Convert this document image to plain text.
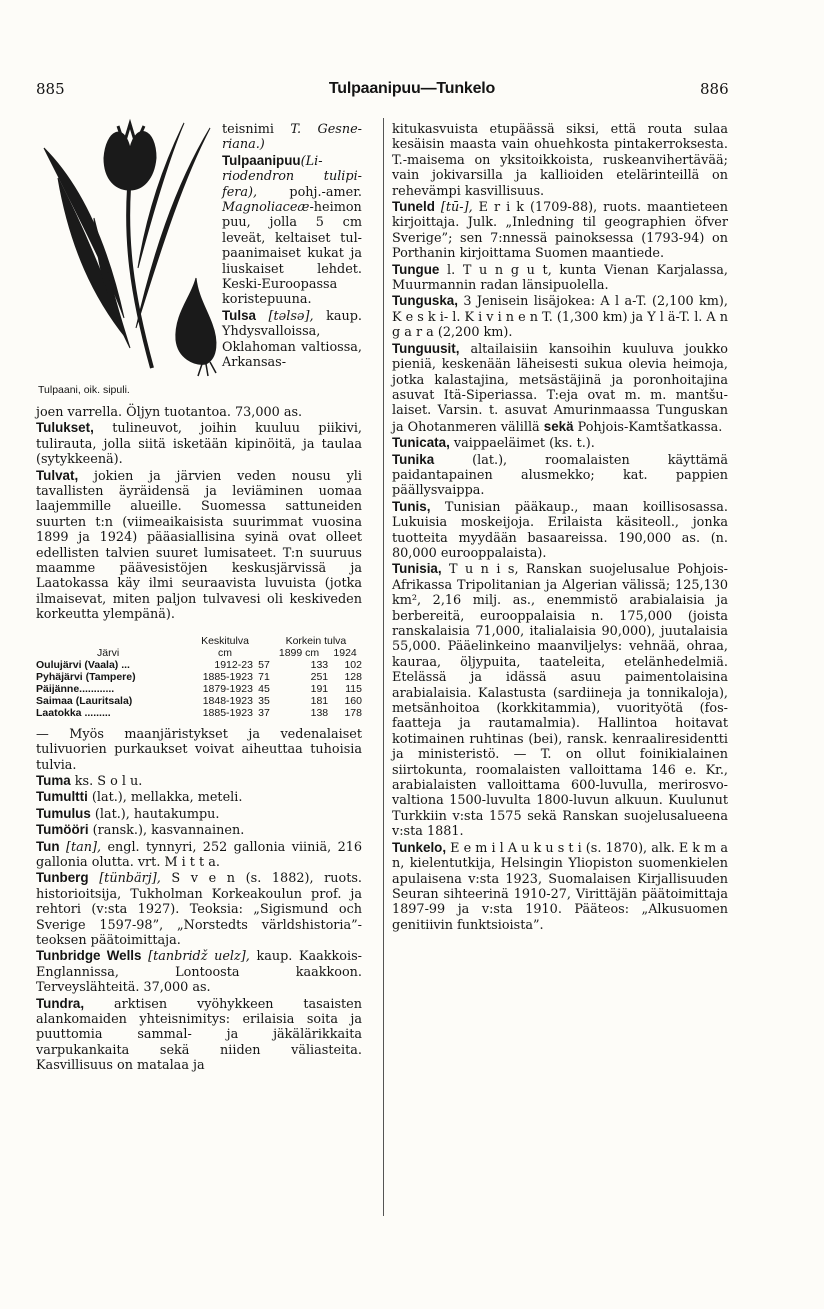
885	Tulpaanipuu—Tunkelo	886
Tulpaani, oik. sipuli.

teisnimi T. Gesneriana.)

Tulpaanipuu(Liriodendron tulipifera), pohj.-amer. Magnoliaceæ-heimon puu, jolla 5 cm leveät, keltaiset tulpaanimaiset kukat ja liuskaiset lehdet. Keski-Euroopassa koristepuuna.

Tulsa [təlsə], kaup. Yhdysvalloissa, Oklahoman valtiossa, Arkansas-

joen varrella. Öljyn tuotantoa. 73,000 as.

Tulukset, tulineuvot, joihin kuuluu piikivi, tulirauta, jolla siitä isketään kipinöitä, ja taulaa (sytykkeenä).

Tulvat, jokien ja järvien veden nousu yli tavallisten äyräidensä ja leviäminen uomaa laajemmille alueille. Suomessa sattuneiden suurten t:n (viimeaikaisista suurimmat vuosina 1899 ja 1924) pääasiallisina syinä ovat olleet edellisten talvien suuret lumisateet. T:n suuruus maamme päävesistöjen keskusjärvissä ja Laatokassa käy ilmi seuraavista luvuista (jotka ilmaisevat, miten paljon tulvavesi oli keskiveden korkeutta ylempänä).

Järvi	Keskitulva		Korkein tulva	
	cm		1899 cm	1924
Oulujärvi (Vaala) ...	1912-23	57	133	102
Pyhäjärvi (Tampere)	1885-1923	71	251	128
Päijänne............	1879-1923	45	191	115
Saimaa (Lauritsala)	1848-1923	35	181	160
Laatokka .........	1885-1923	37	138	178

— Myös maanjäristykset ja vedenalaiset tulivuorien purkaukset voivat aiheuttaa tuhoisia tulvia.

Tuma ks. S o l u.

Tumultti (lat.), mellakka, meteli.

Tumulus (lat.), hautakumpu.

Tumööri (ransk.), kasvannainen.

Tun [tan], engl. tynnyri, 252 gallonia viiniä, 216 gallonia olutta. vrt. M i t t a.

Tunberg [tünbärj], S v e n (s. 1882), ruots. historioitsija, Tukholman Korkeakoulun prof. ja rehtori (v:sta 1927). Teoksia: „Sigismund och Sverige 1597-98”, „Norstedts världshistoria”-teoksen päätoimittaja.

Tunbridge Wells [tanbridž uelz], kaup. Kaakkois-Englannissa, Lontoosta kaakkoon. Terveyslähteitä. 37,000 as.

Tundra, arktisen vyöhykkeen tasaisten alankomaiden yhteisnimitys: erilaisia soita ja puuttomia sammal- ja jäkälärikkaita varpukankaita sekä niiden väliasteita. Kasvillisuus on matalaa ja

kitukasvuista etupäässä siksi, että routa sulaa kesäisin maasta vain ohuehkosta pintakerroksesta. T.-maisema on yksitoikkoista, ruskeanvihertävää; vain jokivarsilla ja kallioiden etelärinteillä on rehevämpi kasvillisuus.

Tuneld [tū-], E r i k (1709-88), ruots. maantieteen kirjoittaja. Julk. „Inledning til geographien öfver Sverige”; sen 7:nnessä painoksessa (1793-94) on Porthanin kirjoittama Suomen maantiede.

Tungue l. T u n g u t, kunta Vienan Karjalassa, Muurmannin radan länsipuolella.

Tunguska, 3 Jenisein lisäjokea: A l a-T. (2,100 km), K e s k i- l. K i v i n e n T. (1,300 km) ja Y l ä-T. l. A n g a r a (2,200 km).

Tunguusit, altailaisiin kansoihin kuuluva joukko pieniä, keskenään läheisesti sukua olevia heimoja, jotka kalastajina, metsästäjinä ja poronhoitajina asuvat Itä-Siperiassa. T:eja ovat m. m. mantšulaiset. Varsin. t. asuvat Amurinmaassa Tunguskan ja Ohotanmeren välillä sekä Pohjois-Kamtšatkassa.

Tunicata, vaippaeläimet (ks. t.).

Tunika (lat.), roomalaisten käyttämä paidantapainen alusmekko; kat. pappien päällysvaippa.

Tunis, Tunisian pääkaup., maan koillisosassa. Lukuisia moskeijoja. Erilaista käsiteoll., jonka tuotteita myydään basaareissa. 190,000 as. (n. 80,000 eurooppalaista).

Tunisia, T u n i s, Ranskan suojelusalue Pohjois-Afrikassa Tripolitanian ja Algerian välissä; 125,130 km², 2,16 milj. as., enemmistö arabialaisia ja berbereitä, eurooppalaisia n. 175,000 (joista ranskalaisia 71,000, italialaisia 90,000), juutalaisia 55,000. Pääelinkeino maanviljelys: vehnää, ohraa, kauraa, öljypuita, taateleita, etelänhedelmiä. Etelässä ja idässä asuu paimentolaisina arabialaisia. Kalastusta (sardiineja ja tonnikaloja), metsänhoitoa (korkkitammia), vuorityötä (fosfaatteja ja rautamalmia). Hallintoa hoitavat kotimainen ruhtinas (bei), ransk. kenraaliresidentti ja ministeristö. — T. on ollut foinikialainen siirtokunta, roomalaisten valloittama 146 e. Kr., arabialaisten valloittama 600-luvulla, merirosvovaltiona 1500-luvulta 1800-luvun alkuun. Kuulunut Turkkiin v:sta 1575 sekä Ranskan suojelusalueena v:sta 1881.

Tunkelo, E e m i l A u k u s t i (s. 1870), alk. E k m a n, kielentutkija, Helsingin Yliopiston suomenkielen apulaisena v:sta 1923, Suomalaisen Kirjallisuuden Seuran sihteerinä 1910-27, Virittäjän päätoimittaja 1897-99 ja v:sta 1910. Pääteos: „Alkusuomen genitiivin funktsioista”.
